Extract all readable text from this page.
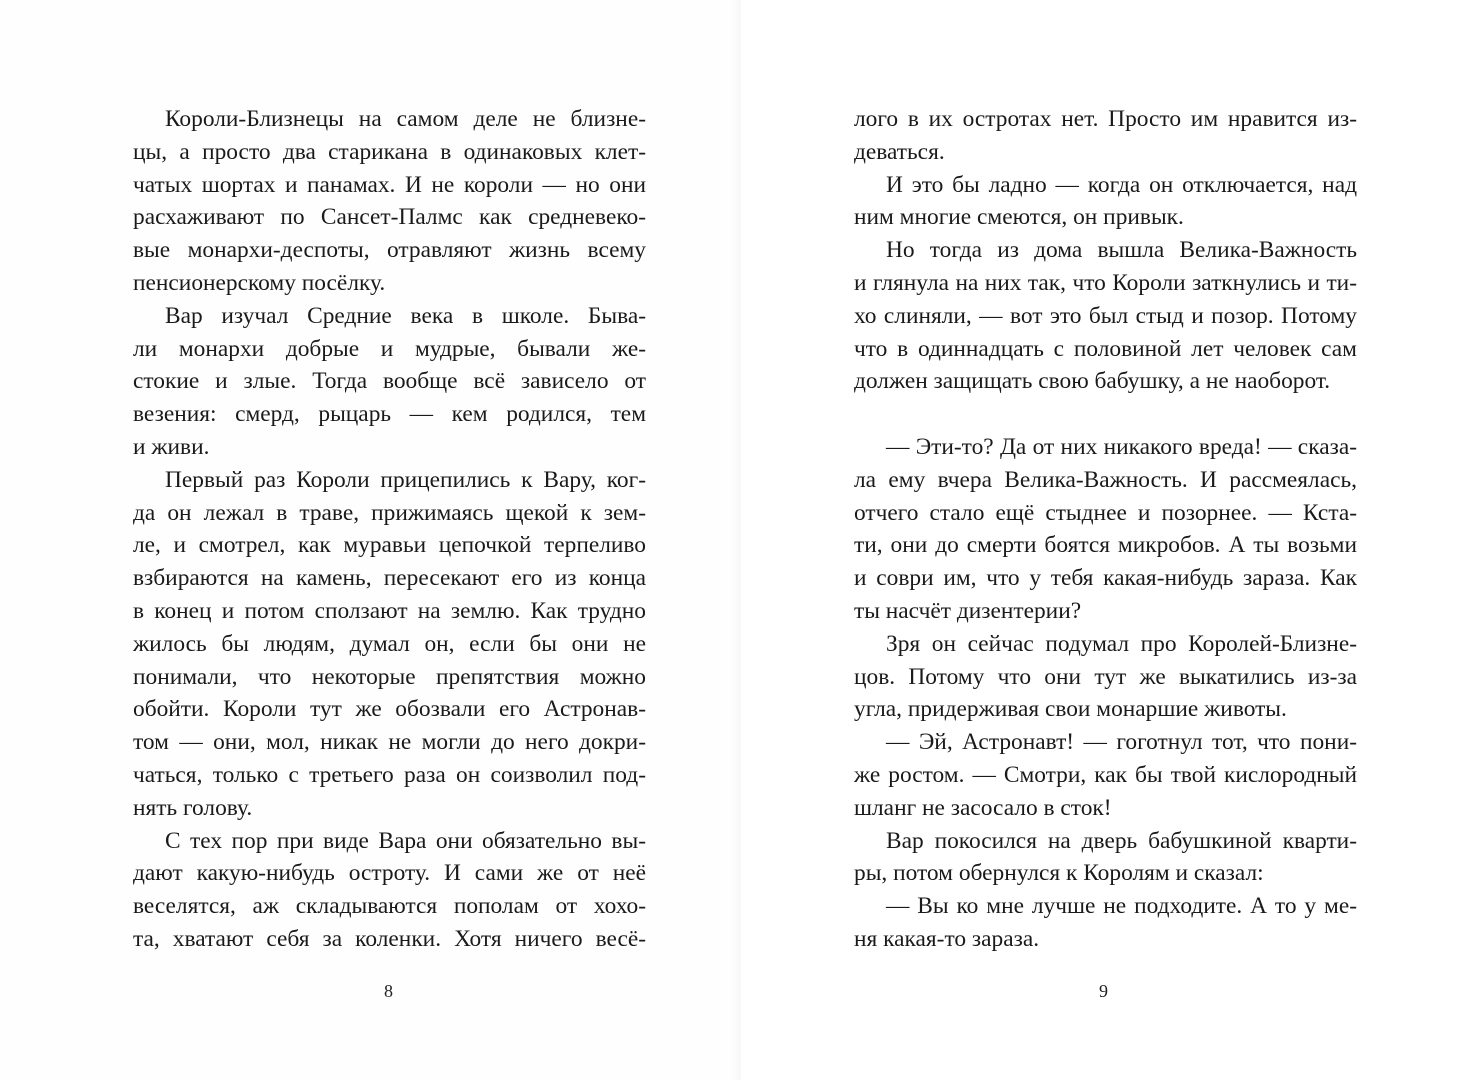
Короли-Близнецы на самом деле не близне-
цы, а просто два старикана в одинаковых клет-
чатых шортах и панамах. И не короли — но они
расхаживают по Сансет-Палмс как средневеко-
вые монархи-деспоты, отравляют жизнь всему
пенсионерскому посёлку.
Вар изучал Средние века в школе. Быва-
ли монархи добрые и мудрые, бывали же-
стокие и злые. Тогда вообще всё зависело от
везения: смерд, рыцарь — кем родился, тем
и живи.
Первый раз Короли прицепились к Вару, ког-
да он лежал в траве, прижимаясь щекой к зем-
ле, и смотрел, как муравьи цепочкой терпеливо
взбираются на камень, пересекают его из конца
в конец и потом сползают на землю. Как трудно
жилось бы людям, думал он, если бы они не
понимали, что некоторые препятствия можно
обойти. Короли тут же обозвали его Астронав-
том — они, мол, никак не могли до него докри-
чаться, только с третьего раза он соизволил под-
нять голову.
С тех пор при виде Вара они обязательно вы-
дают какую-нибудь остроту. И сами же от неё
веселятся, аж складываются пополам от хохо-
та, хватают себя за коленки. Хотя ничего весё-
8
лого в их остротах нет. Просто им нравится из-
деваться.
И это бы ладно — когда он отключается, над
ним многие смеются, он привык.
Но тогда из дома вышла Велика-Важность
и глянула на них так, что Короли заткнулись и ти-
хо слиняли, — вот это был стыд и позор. Потому
что в одиннадцать с половиной лет человек сам
должен защищать свою бабушку, а не наоборот.
— Эти-то? Да от них никакого вреда! — сказа-
ла ему вчера Велика-Важность. И рассмеялась,
отчего стало ещё стыднее и позорнее. — Кста-
ти, они до смерти боятся микробов. А ты возьми
и соври им, что у тебя какая-нибудь зараза. Как
ты насчёт дизентерии?
Зря он сейчас подумал про Королей-Близне-
цов. Потому что они тут же выкатились из-за
угла, придерживая свои монаршие животы.
— Эй, Астронавт! — гоготнул тот, что пони-
же ростом. — Смотри, как бы твой кислородный
шланг не засосало в сток!
Вар покосился на дверь бабушкиной кварти-
ры, потом обернулся к Королям и сказал:
— Вы ко мне лучше не подходите. А то у ме-
ня какая-то зараза.
9
